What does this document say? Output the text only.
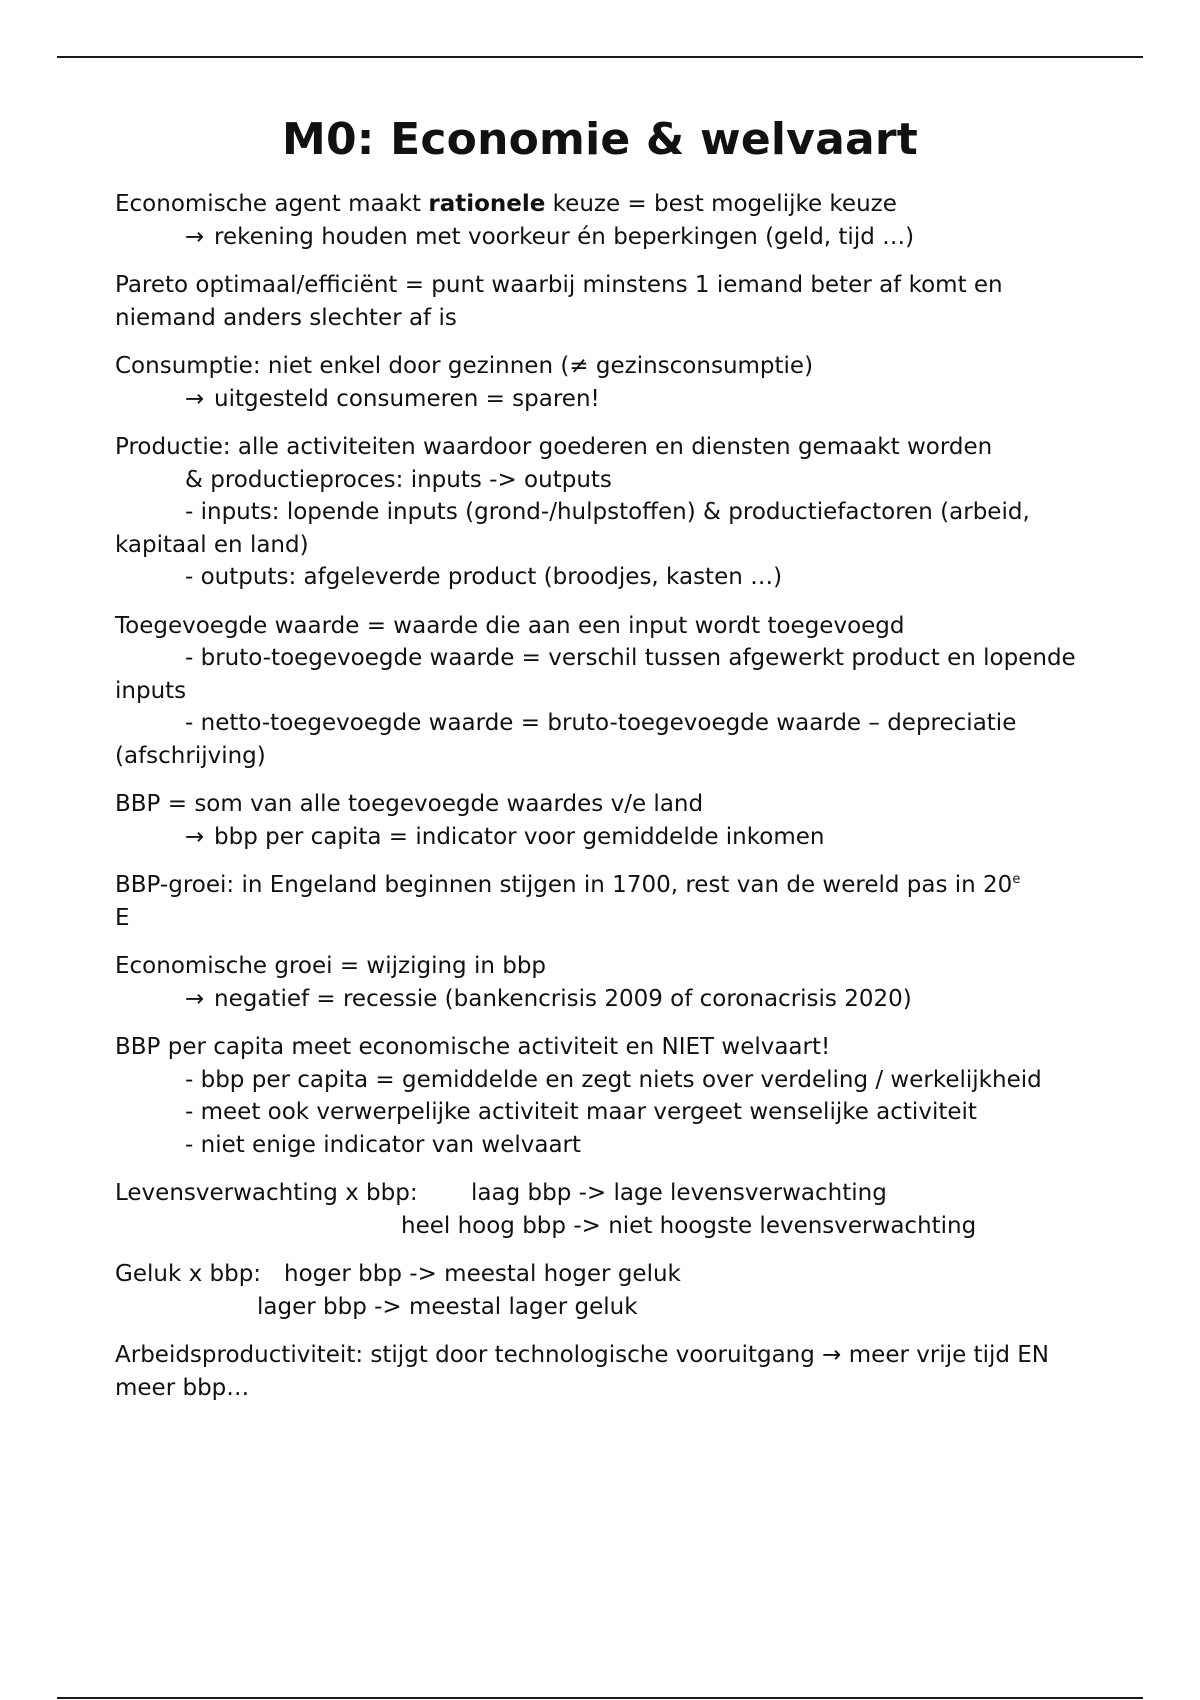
M0: Economie & welvaart
Economische agent maakt rationele keuze = best mogelijke keuze
→ rekening houden met voorkeur én beperkingen (geld, tijd …)
Pareto optimaal/efficiënt = punt waarbij minstens 1 iemand beter af komt en niemand anders slechter af is
Consumptie: niet enkel door gezinnen (≠ gezinsconsumptie)
→ uitgesteld consumeren = sparen!
Productie: alle activiteiten waardoor goederen en diensten gemaakt worden
& productieproces: inputs -> outputs
- inputs: lopende inputs (grond-/hulpstoffen) & productiefactoren (arbeid, kapitaal en land)
- outputs: afgeleverde product (broodjes, kasten …)
Toegevoegde waarde = waarde die aan een input wordt toegevoegd
- bruto-toegevoegde waarde = verschil tussen afgewerkt product en lopende inputs
- netto-toegevoegde waarde = bruto-toegevoegde waarde – depreciatie (afschrijving)
BBP = som van alle toegevoegde waardes v/e land
→ bbp per capita = indicator voor gemiddelde inkomen
BBP-groei: in Engeland beginnen stijgen in 1700, rest van de wereld pas in 20e
E
Economische groei = wijziging in bbp
→ negatief = recessie (bankencrisis 2009 of coronacrisis 2020)
BBP per capita meet economische activiteit en NIET welvaart!
- bbp per capita = gemiddelde en zegt niets over verdeling / werkelijkheid
- meet ook verwerpelijke activiteit maar vergeet wenselijke activiteit
- niet enige indicator van welvaart
Levensverwachting x bbp: laag bbp -> lage levensverwachting
heel hoog bbp -> niet hoogste levensverwachting
Geluk x bbp: hoger bbp -> meestal hoger geluk
lager bbp -> meestal lager geluk
Arbeidsproductiviteit: stijgt door technologische vooruitgang → meer vrije tijd EN meer bbp…
